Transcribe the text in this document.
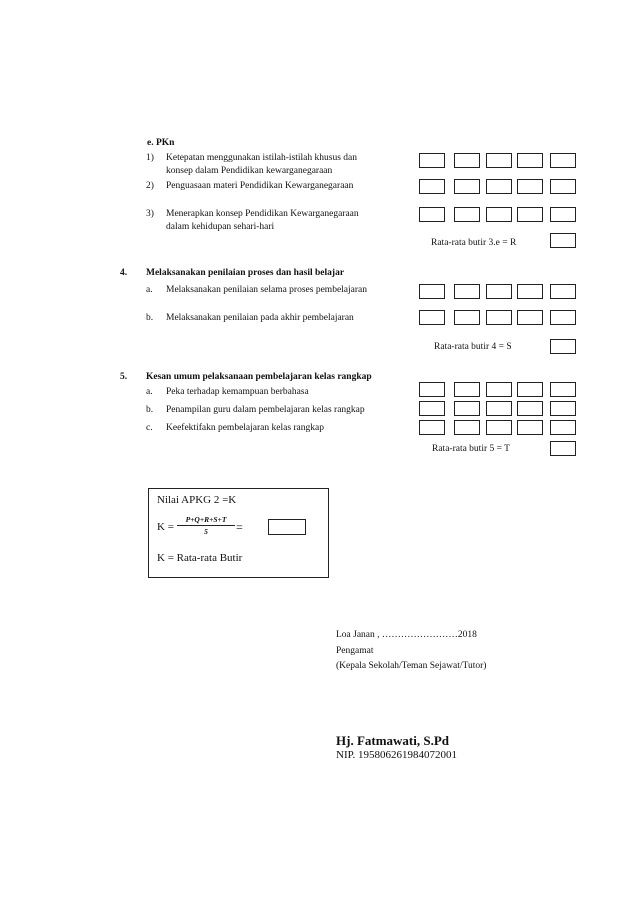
e. PKn
1) Ketepatan menggunakan istilah-istilah khusus dan
konsep dalam Pendidikan kewarganegaraan
2) Penguasaan materi Pendidikan Kewarganegaraan
3) Menerapkan konsep Pendidikan Kewarganegaraan
dalam kehidupan sehari-hari
Rata-rata butir 3.e = R
4. Melaksanakan penilaian proses dan hasil belajar
a. Melaksanakan penilaian selama proses pembelajaran
b. Melaksanakan penilaian pada akhir pembelajaran
Rata-rata butir 4 = S
5. Kesan umum pelaksanaan pembelajaran kelas rangkap
a. Peka terhadap kemampuan berbahasa
b. Penampilan guru dalam pembelajaran kelas rangkap
c. Keefektifakn pembelajaran kelas rangkap
Rata-rata butir 5 = T
Nilai APKG 2 =K
$K = \frac{P+Q+R+S+T}{5}$ =
K = Rata-rata Butir
Loa Janan , ……………………2018
Pengamat
(Kepala Sekolah/Teman Sejawat/Tutor)
Hj. Fatmawati, S.Pd
NIP. 195806261984072001
